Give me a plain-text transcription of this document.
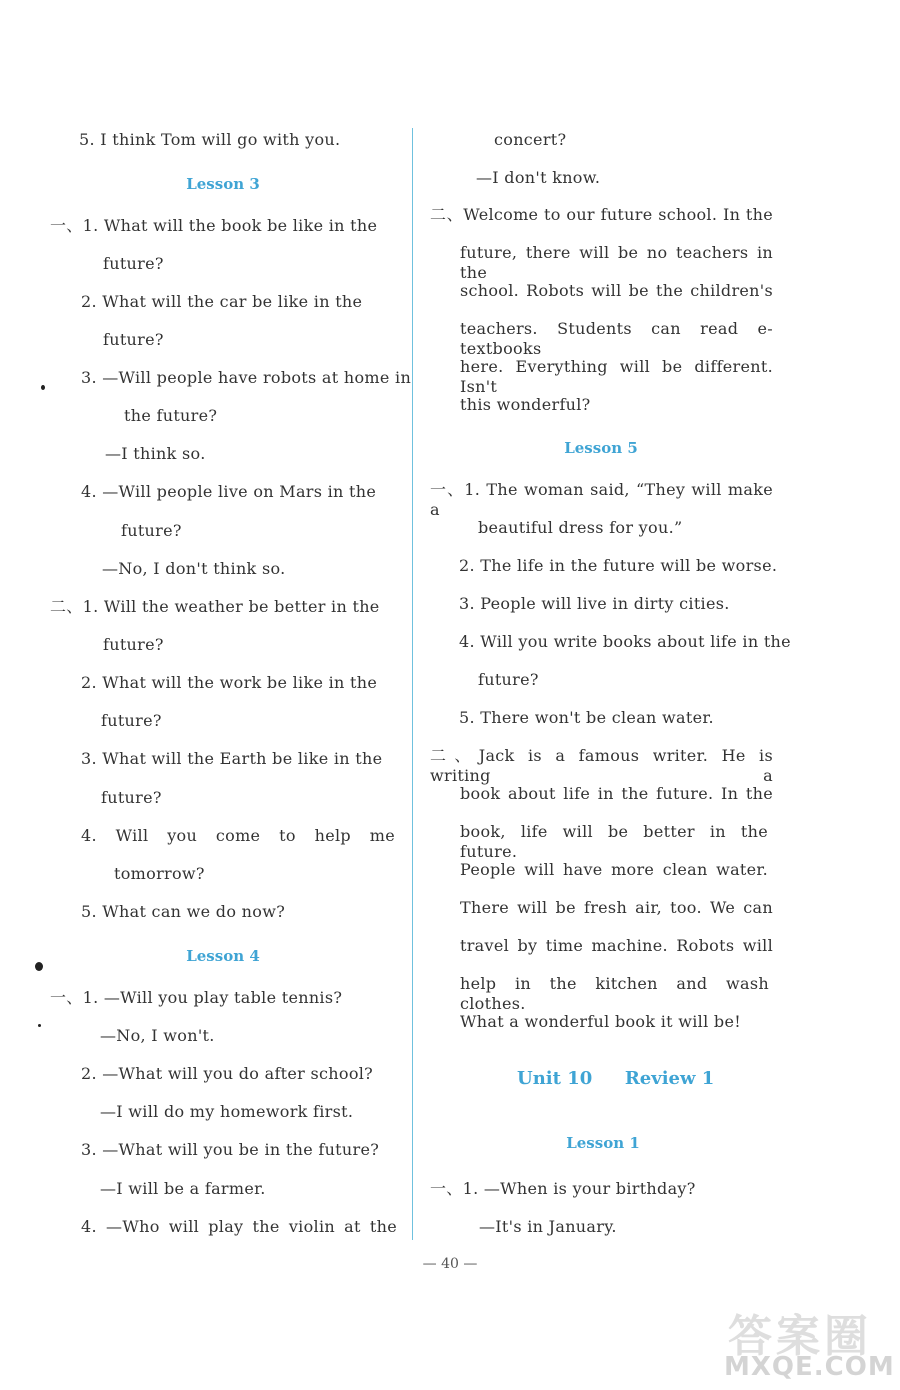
5. I think Tom will go with you.
Lesson 3
一、1. What will the book be like in the
future?
2. What will the car be like in the
future?
3. —Will people have robots at home in
the future?
—I think so.
4. —Will people live on Mars in the
future?
—No, I don't think so.
二、1. Will the weather be better in the
future?
2. What will the work be like in the
future?
3. What will the Earth be like in the
future?
4. Will you come to help me
tomorrow?
5. What can we do now?
Lesson 4
一、1. —Will you play table tennis?
—No, I won't.
2. —What will you do after school?
—I will do my homework first.
3. —What will you be in the future?
—I will be a farmer.
4. —Who will play the violin at the
concert?
—I don't know.
二、Welcome to our future school. In the
future, there will be no teachers in the
school. Robots will be the children's
teachers. Students can read e-textbooks
here. Everything will be different. Isn't
this wonderful?
Lesson 5
一、1. The woman said, “They will make a
beautiful dress for you.”
2. The life in the future will be worse.
3. People will live in dirty cities.
4. Will you write books about life in the
future?
5. There won't be clean water.
二、Jack is a famous writer. He is writing a
book about life in the future. In the
book, life will be better in the future.
People will have more clean water.
There will be fresh air, too. We can
travel by time machine. Robots will
help in the kitchen and wash clothes.
What a wonderful book it will be!
Unit 10 Review 1
Lesson 1
一、1. —When is your birthday?
—It's in January.
— 40 —
答案圈
MXQE.COM
